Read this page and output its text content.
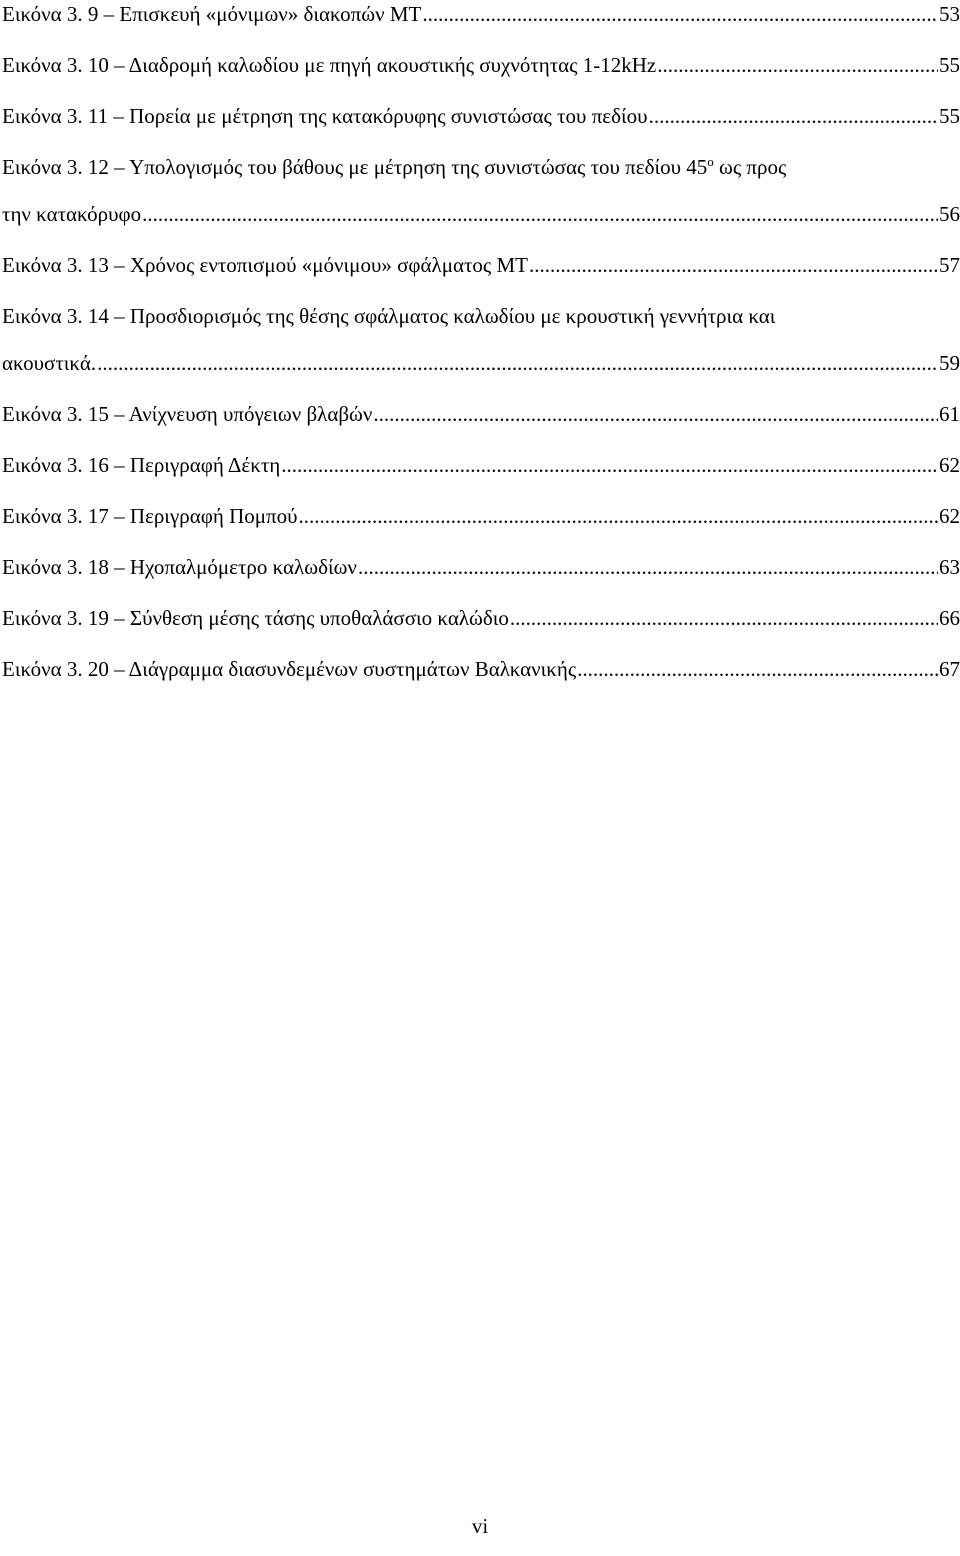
Εικόνα 3. 9 – Επισκευή «μόνιμων» διακοπών ΜΤ .....	53
Εικόνα 3. 10 – Διαδρομή καλωδίου με πηγή ακουστικής συχνότητας 1-12kHz .....	55
Εικόνα 3. 11 – Πορεία με μέτρηση της κατακόρυφης συνιστώσας του πεδίου .....	55
Εικόνα 3. 12 – Υπολογισμός του βάθους με μέτρηση της συνιστώσας του πεδίου $45^o$ ως προς
την κατακόρυφο .....	56
Εικόνα 3. 13 – Χρόνος εντοπισμού «μόνιμου» σφάλματος ΜΤ .....	57
Εικόνα 3. 14 – Προσδιορισμός της θέσης σφάλματος καλωδίου με κρουστική γεννήτρια και
ακουστικά. .....	59
Εικόνα 3. 15 – Ανίχνευση υπόγειων βλαβών .....	61
Εικόνα 3. 16 – Περιγραφή Δέκτη .....	62
Εικόνα 3. 17 – Περιγραφή Πομπού .....	62
Εικόνα 3. 18 – Ηχοπαλμόμετρο καλωδίων .....	63
Εικόνα 3. 19 – Σύνθεση μέσης τάσης υποθαλάσσιο καλώδιο .....	66
Εικόνα 3. 20 – Διάγραμμα διασυνδεμένων συστημάτων Βαλκανικής .....	67
vi
